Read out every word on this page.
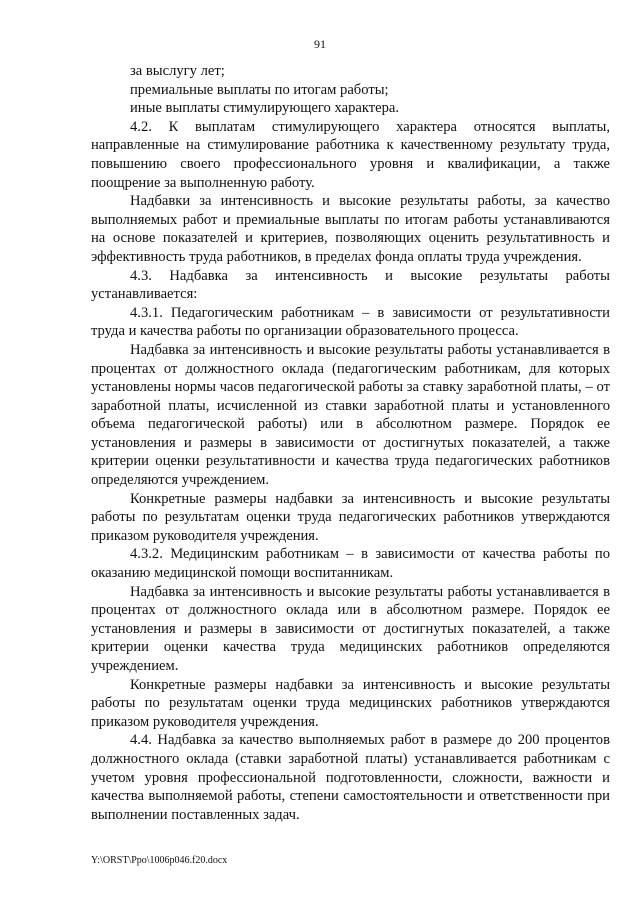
91

за выслугу лет;

премиальные выплаты по итогам работы;

иные выплаты стимулирующего характера.

4.2. К выплатам стимулирующего характера относятся выплаты, направленные на стимулирование работника к качественному результату труда, повышению своего профессионального уровня и квалификации, а также поощрение за выполненную работу.

Надбавки за интенсивность и высокие результаты работы, за качество выполняемых работ и премиальные выплаты по итогам работы устанавливаются на основе показателей и критериев, позволяющих оценить результативность и эффективность труда работников, в пределах фонда оплаты труда учреждения.

4.3. Надбавка за интенсивность и высокие результаты работы устанавливается:

4.3.1. Педагогическим работникам – в зависимости от результативности труда и качества работы по организации образовательного процесса.

Надбавка за интенсивность и высокие результаты работы устанавливается в процентах от должностного оклада (педагогическим работникам, для которых установлены нормы часов педагогической работы за ставку заработной платы, – от заработной платы, исчисленной из ставки заработной платы и установленного объема педагогической работы) или в абсолютном размере. Порядок ее установления и размеры в зависимости от достигнутых показателей, а также критерии оценки результативности и качества труда педагогических работников определяются учреждением.

Конкретные размеры надбавки за интенсивность и высокие результаты работы по результатам оценки труда педагогических работников утверждаются приказом руководителя учреждения.

4.3.2. Медицинским работникам – в зависимости от качества работы по оказанию медицинской помощи воспитанникам.

Надбавка за интенсивность и высокие результаты работы устанавливается в процентах от должностного оклада или в абсолютном размере. Порядок ее установления и размеры в зависимости от достигнутых показателей, а также критерии оценки качества труда медицинских работников определяются учреждением.

Конкретные размеры надбавки за интенсивность и высокие результаты работы по результатам оценки труда медицинских работников утверждаются приказом руководителя учреждения.

4.4. Надбавка за качество выполняемых работ в размере до 200 процентов должностного оклада (ставки заработной платы) устанавливается работникам с учетом уровня профессиональной подготовленности, сложности, важности и качества выполняемой работы, степени самостоятельности и ответственности при выполнении поставленных задач.

Y:\ORST\Ppo\1006p046.f20.docx
